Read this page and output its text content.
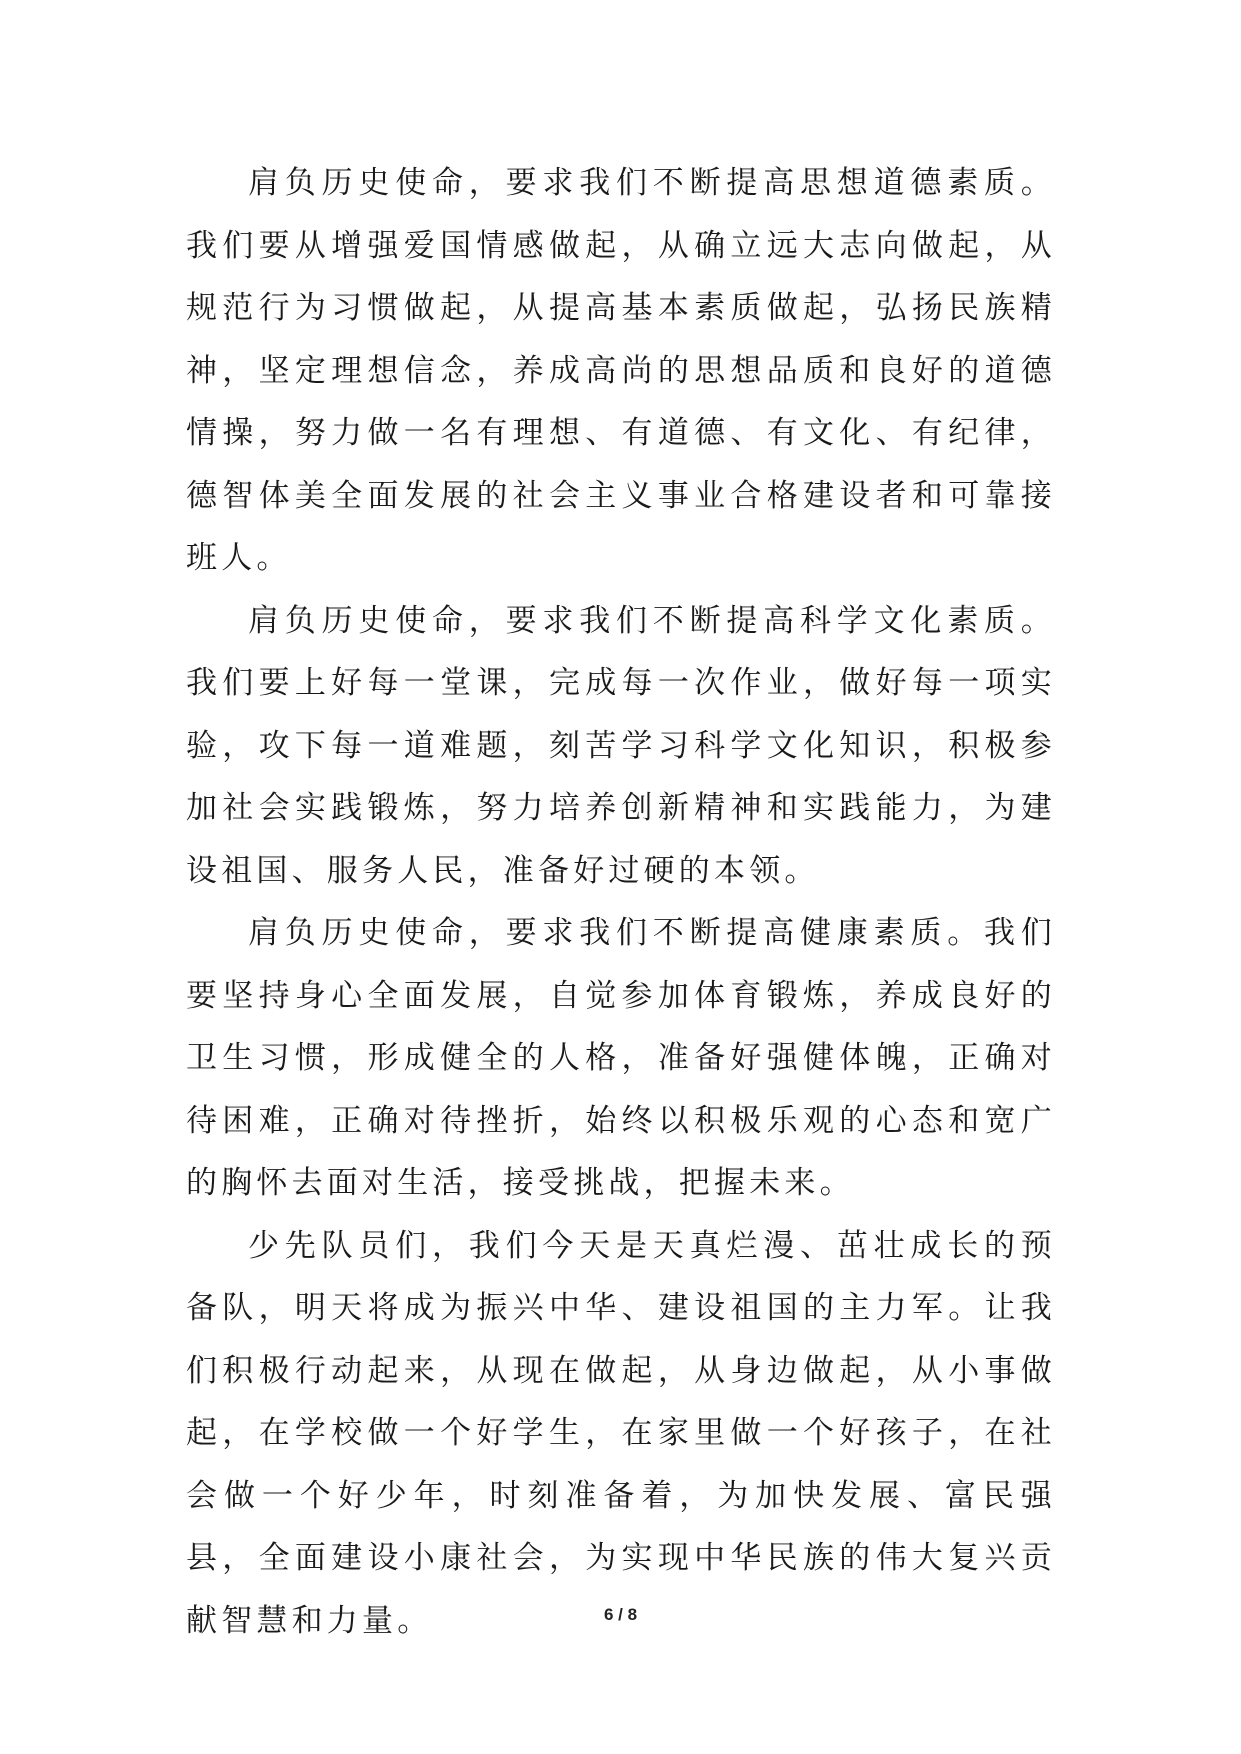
肩负历史使命，要求我们不断提高思想道德素质。我们要从增强爱国情感做起，从确立远大志向做起，从规范行为习惯做起，从提高基本素质做起，弘扬民族精神，坚定理想信念，养成高尚的思想品质和良好的道德情操，努力做一名有理想、有道德、有文化、有纪律，德智体美全面发展的社会主义事业合格建设者和可靠接班人。

肩负历史使命，要求我们不断提高科学文化素质。我们要上好每一堂课，完成每一次作业，做好每一项实验，攻下每一道难题，刻苦学习科学文化知识，积极参加社会实践锻炼，努力培养创新精神和实践能力，为建设祖国、服务人民，准备好过硬的本领。

肩负历史使命，要求我们不断提高健康素质。我们要坚持身心全面发展，自觉参加体育锻炼，养成良好的卫生习惯，形成健全的人格，准备好强健体魄，正确对待困难，正确对待挫折，始终以积极乐观的心态和宽广的胸怀去面对生活，接受挑战，把握未来。

少先队员们，我们今天是天真烂漫、茁壮成长的预备队，明天将成为振兴中华、建设祖国的主力军。让我们积极行动起来，从现在做起，从身边做起，从小事做起，在学校做一个好学生，在家里做一个好孩子，在社会做一个好少年，时刻准备着，为加快发展、富民强县，全面建设小康社会，为实现中华民族的伟大复兴贡献智慧和力量。	6 / 8
